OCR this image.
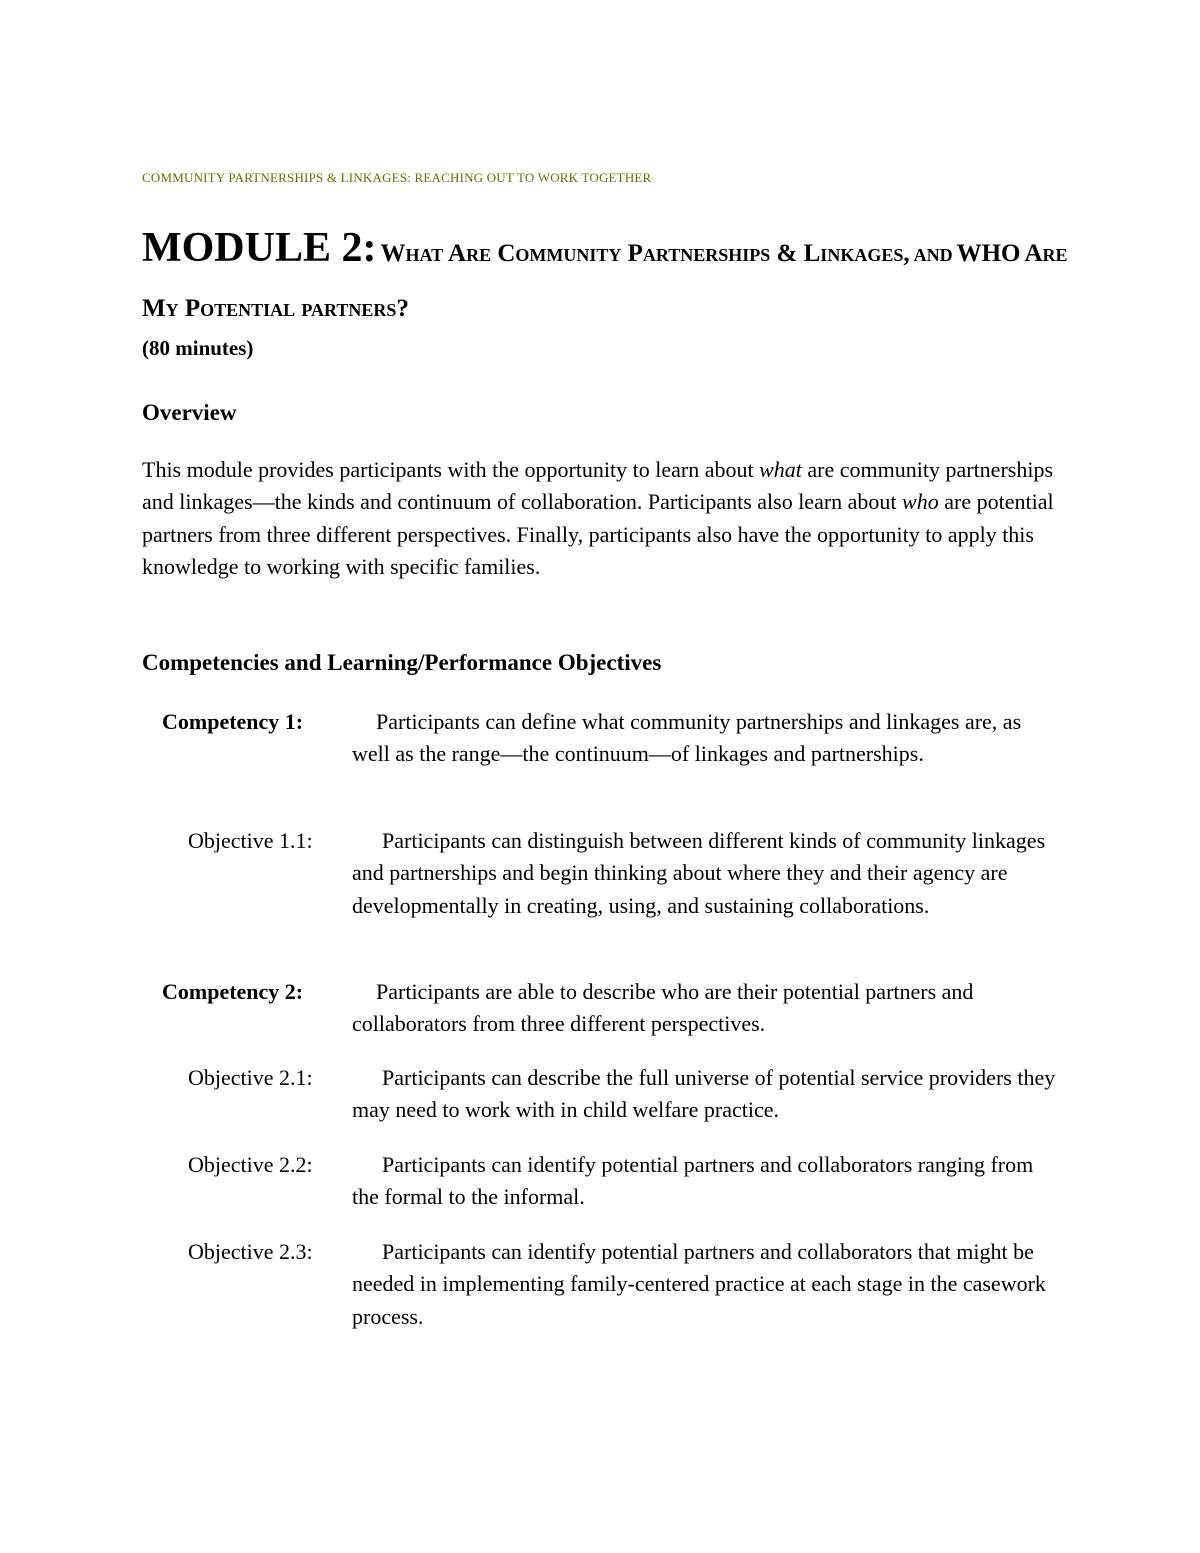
COMMUNITY PARTNERSHIPS & LINKAGES: REACHING OUT TO WORK TOGETHER
MODULE 2: What Are Community Partnerships & Linkages, and WHO Are My Potential partners?
(80 minutes)
Overview
This module provides participants with the opportunity to learn about what are community partnerships and linkages—the kinds and continuum of collaboration. Participants also learn about who are potential partners from three different perspectives. Finally, participants also have the opportunity to apply this knowledge to working with specific families.
Competencies and Learning/Performance Objectives
Competency 1:	Participants can define what community partnerships and linkages are, as well as the range—the continuum—of linkages and partnerships.
Objective 1.1:	Participants can distinguish between different kinds of community linkages and partnerships and begin thinking about where they and their agency are developmentally in creating, using, and sustaining collaborations.
Competency 2:	Participants are able to describe who are their potential partners and collaborators from three different perspectives.
Objective 2.1:	Participants can describe the full universe of potential service providers they may need to work with in child welfare practice.
Objective 2.2:	Participants can identify potential partners and collaborators ranging from the formal to the informal.
Objective 2.3:	Participants can identify potential partners and collaborators that might be needed in implementing family-centered practice at each stage in the casework process.
